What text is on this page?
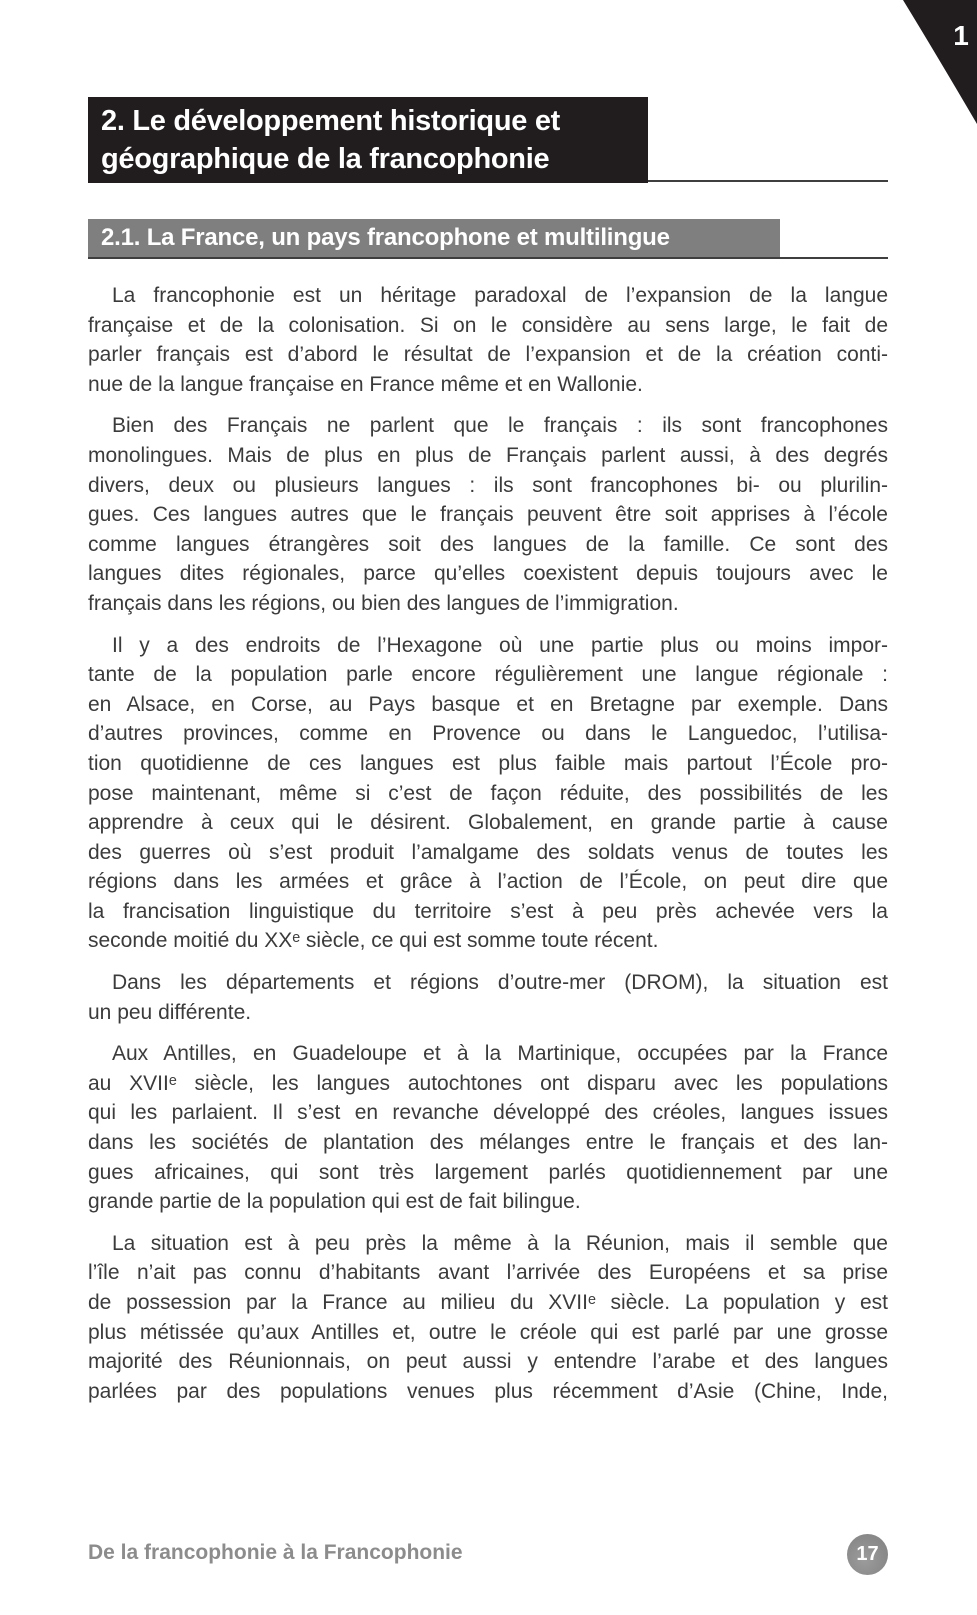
1
2. Le développement historique et
géographique de la francophonie
2.1. La France, un pays francophone et multilingue
La francophonie est un héritage paradoxal de l’expansion de la langue
française et de la colonisation. Si on le considère au sens large, le fait de
parler français est d’abord le résultat de l’expansion et de la création conti-
nue de la langue française en France même et en Wallonie.
Bien des Français ne parlent que le français : ils sont francophones
monolingues. Mais de plus en plus de Français parlent aussi, à des degrés
divers, deux ou plusieurs langues : ils sont francophones bi- ou plurilin-
gues. Ces langues autres que le français peuvent être soit apprises à l’école
comme langues étrangères soit des langues de la famille. Ce sont des
langues dites régionales, parce qu’elles coexistent depuis toujours avec le
français dans les régions, ou bien des langues de l’immigration.
Il y a des endroits de l’Hexagone où une partie plus ou moins impor-
tante de la population parle encore régulièrement une langue régionale :
en Alsace, en Corse, au Pays basque et en Bretagne par exemple. Dans
d’autres provinces, comme en Provence ou dans le Languedoc, l’utilisa-
tion quotidienne de ces langues est plus faible mais partout l’École pro-
pose maintenant, même si c’est de façon réduite, des possibilités de les
apprendre à ceux qui le désirent. Globalement, en grande partie à cause
des guerres où s’est produit l’amalgame des soldats venus de toutes les
régions dans les armées et grâce à l’action de l’École, on peut dire que
la francisation linguistique du territoire s’est à peu près achevée vers la
seconde moitié du XXᵉ siècle, ce qui est somme toute récent.
Dans les départements et régions d’outre-mer (DROM), la situation est
un peu différente.
Aux Antilles, en Guadeloupe et à la Martinique, occupées par la France
au XVIIᵉ siècle, les langues autochtones ont disparu avec les populations
qui les parlaient. Il s’est en revanche développé des créoles, langues issues
dans les sociétés de plantation des mélanges entre le français et des lan-
gues africaines, qui sont très largement parlés quotidiennement par une
grande partie de la population qui est de fait bilingue.
La situation est à peu près la même à la Réunion, mais il semble que
l’île n’ait pas connu d’habitants avant l’arrivée des Européens et sa prise
de possession par la France au milieu du XVIIᵉ siècle. La population y est
plus métissée qu’aux Antilles et, outre le créole qui est parlé par une grosse
majorité des Réunionnais, on peut aussi y entendre l’arabe et des langues
parlées par des populations venues plus récemment d’Asie (Chine, Inde,
De la francophonie à la Francophonie	17
